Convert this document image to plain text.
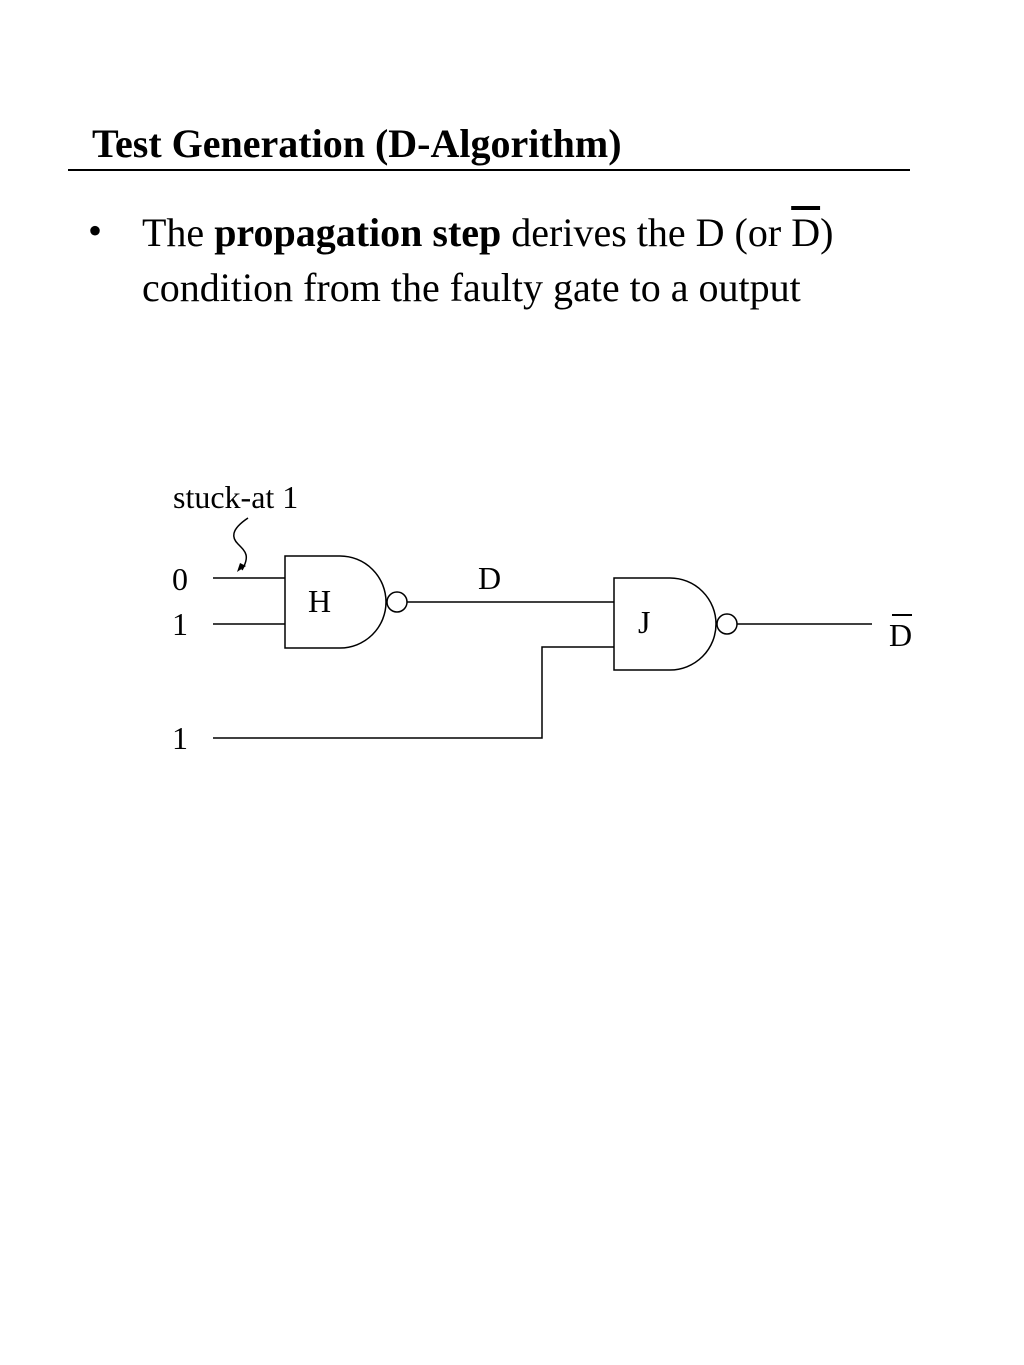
Test Generation (D-Algorithm)
• The propagation step derives the D (or $\overline{D}$) condition from the faulty gate to a output
stuck-at 1
0
1
1
H
D
J	D
